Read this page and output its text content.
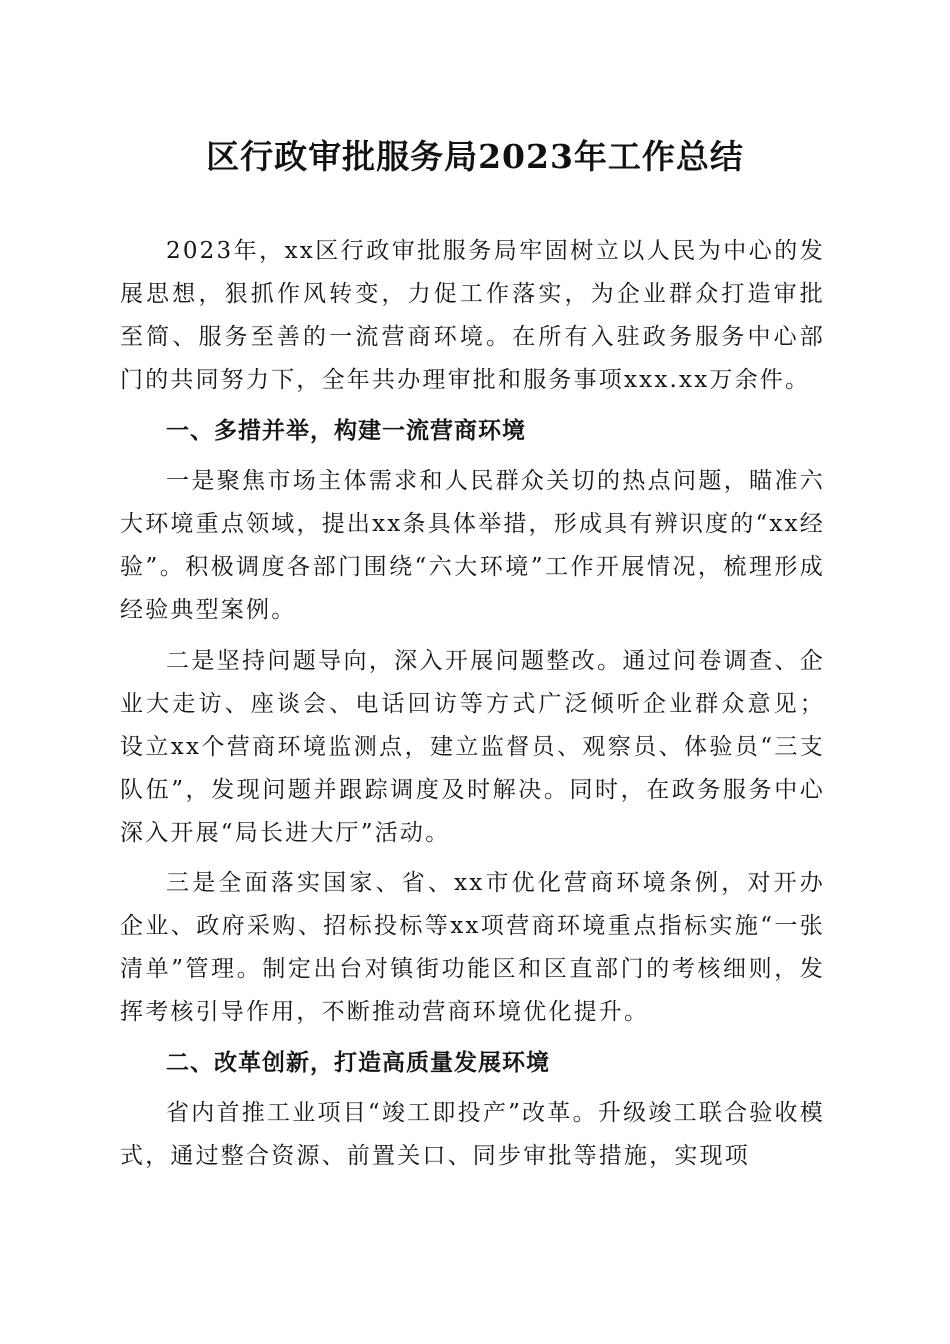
区行政审批服务局2023年工作总结

2023年，xx区行政审批服务局牢固树立以人民为中心的发展思想，狠抓作风转变，力促工作落实，为企业群众打造审批至简、服务至善的一流营商环境。在所有入驻政务服务中心部门的共同努力下，全年共办理审批和服务事项xxx.xx万余件。

一、多措并举，构建一流营商环境

一是聚焦市场主体需求和人民群众关切的热点问题，瞄准六大环境重点领域，提出xx条具体举措，形成具有辨识度的“xx经验”。积极调度各部门围绕“六大环境”工作开展情况，梳理形成经验典型案例。

二是坚持问题导向，深入开展问题整改。通过问卷调查、企业大走访、座谈会、电话回访等方式广泛倾听企业群众意见；设立xx个营商环境监测点，建立监督员、观察员、体验员“三支队伍”，发现问题并跟踪调度及时解决。同时，在政务服务中心深入开展“局长进大厅”活动。

三是全面落实国家、省、xx市优化营商环境条例，对开办企业、政府采购、招标投标等xx项营商环境重点指标实施“一张清单”管理。制定出台对镇街功能区和区直部门的考核细则，发挥考核引导作用，不断推动营商环境优化提升。

二、改革创新，打造高质量发展环境

省内首推工业项目“竣工即投产”改革。升级竣工联合验收模式，通过整合资源、前置关口、同步审批等措施，实现项
